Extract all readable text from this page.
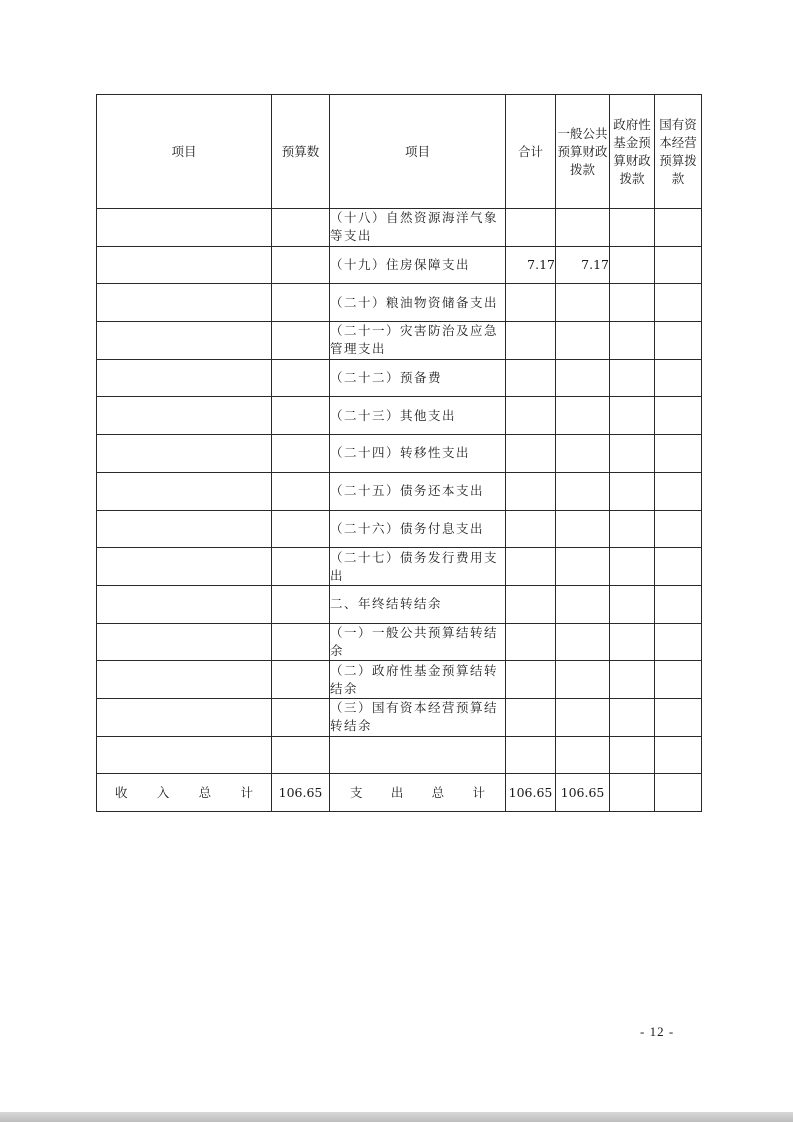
项目	预算数	项目	合计	一般公共预算财政拨款	政府性基金预算财政拨款	国有资本经营预算拨款
		（十八）自然资源海洋气象等支出				
		（十九）住房保障支出	7.17	7.17		
		（二十）粮油物资储备支出				
		（二十一）灾害防治及应急管理支出				
		（二十二）预备费				
		（二十三）其他支出				
		（二十四）转移性支出				
		（二十五）债务还本支出				
		（二十六）债务付息支出				
		（二十七）债务发行费用支出				
		二、年终结转结余				
		（一）一般公共预算结转结余				
		（二）政府性基金预算结转结余				
		（三）国有资本经营预算结转结余				

收 入 总 计	106.65	支 出 总 计	106.65	106.65		
- 12 -
